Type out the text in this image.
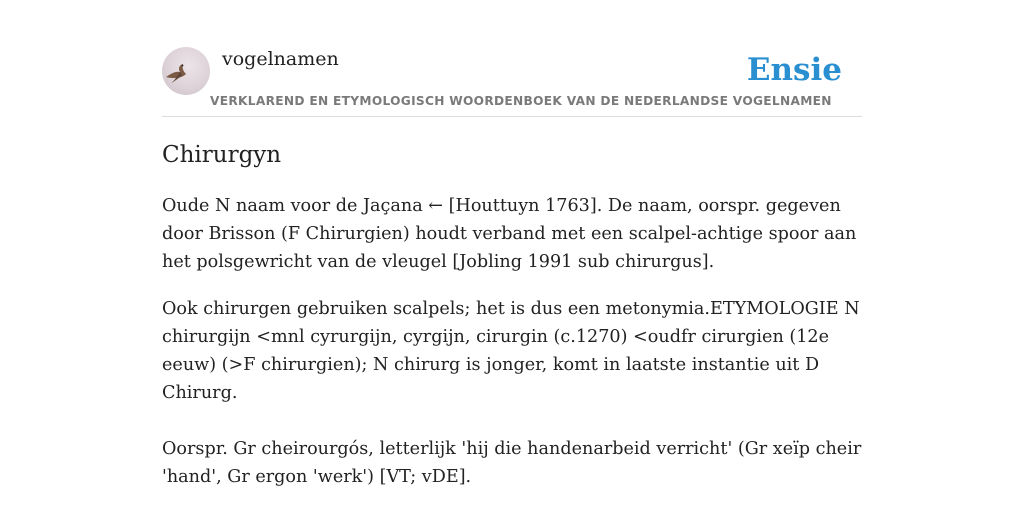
vogelnamen	Ensie
VERKLAREND EN ETYMOLOGISCH WOORDENBOEK VAN DE NEDERLANDSE VOGELNAMEN
Chirurgyn

Oude N naam voor de Jaçana ← [Houttuyn 1763]. De naam, oorspr. gegeven door Brisson (F Chirurgien) houdt verband met een scalpel-achtige spoor aan het polsgewricht van de vleugel [Jobling 1991 sub chirurgus].

Ook chirurgen gebruiken scalpels; het is dus een metonymia.ETYMOLOGIE N chirurgijn <mnl cyrurgijn, cyrgijn, cirurgin (c.1270) <oudfr cirurgien (12e eeuw) (>F chirurgien); N chirurg is jonger, komt in laatste instantie uit D Chirurg.

Oorspr. Gr cheirourgós, letterlijk 'hij die handenarbeid verricht' (Gr xeïp cheir 'hand', Gr ergon 'werk') [VT; vDE].
